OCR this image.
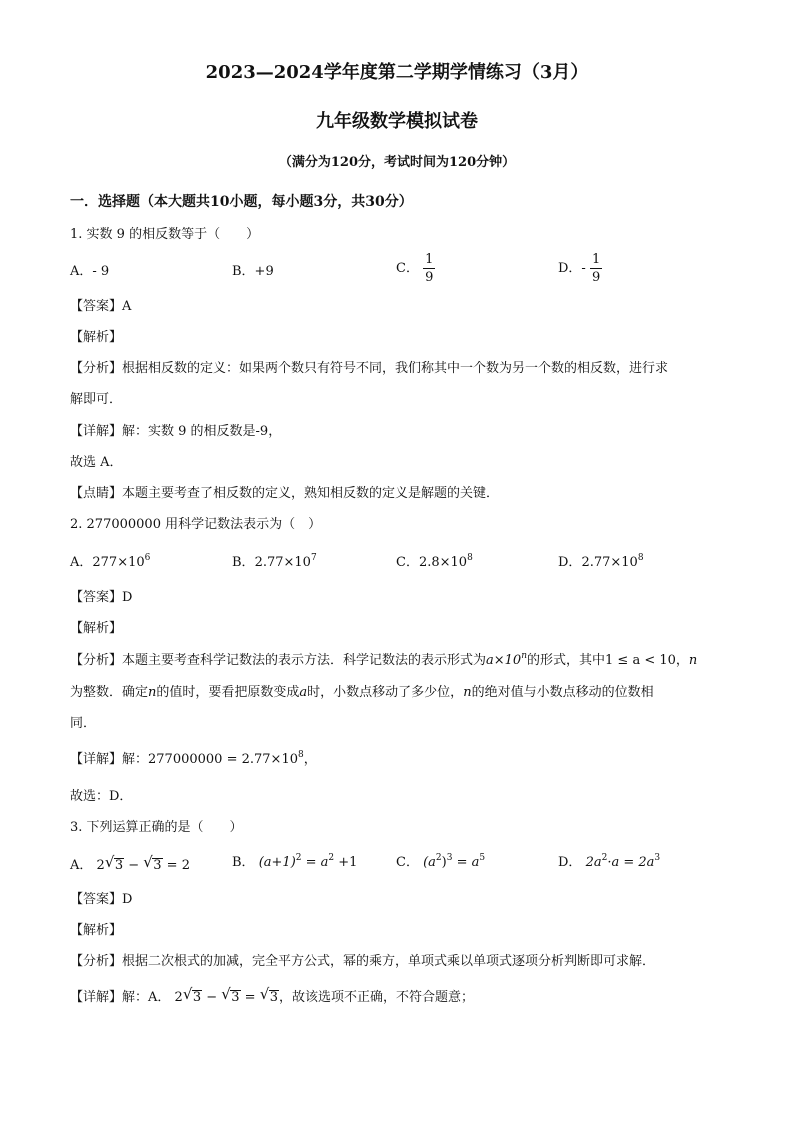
2023—2024学年度第二学期学情练习（3月）
九年级数学模拟试卷
（满分为120分，考试时间为120分钟）
一．选择题（本大题共10小题，每小题3分，共30分）
1. 实数 9 的相反数等于（　　）
A．- 9	B．+9	C． $\frac{1}{9}$	D．- $\frac{1}{9}$
【答案】A
【解析】
【分析】根据相反数的定义：如果两个数只有符号不同，我们称其中一个数为另一个数的相反数，进行求
解即可．
【详解】解：实数 9 的相反数是-9，
故选 A．
【点睛】本题主要考查了相反数的定义，熟知相反数的定义是解题的关键．
2. 277000000 用科学记数法表示为（　）
A．$277\times 10^6$	B．$2.77\times 10^7$	C．$2.8\times 10^8$	D．$2.77\times 10^8$
【答案】D
【解析】
【分析】本题主要考查科学记数法的表示方法．科学记数法的表示形式为$a\times 10^n$的形式，其中1 ≤ a < 10，n
为整数．确定n的值时，要看把原数变成a时，小数点移动了多少位，n的绝对值与小数点移动的位数相
同．
【详解】解：$277000000 = 2.77\times 10^8$，
故选：D．
3. 下列运算正确的是（　　）
A． 2 √ 3 − √ 3 = 2	B． $(a+1)^2 = a^2 +1$	C． $(a^2)^3 = a^5$	D． $2a^2\cdot a = 2a^3$
【答案】D
【解析】
【分析】根据二次根式的加减，完全平方公式，幂的乘方，单项式乘以单项式逐项分析判断即可求解．
【详解】解：A． 2 √ 3 − √ 3 = √ 3，故该选项不正确，不符合题意；
